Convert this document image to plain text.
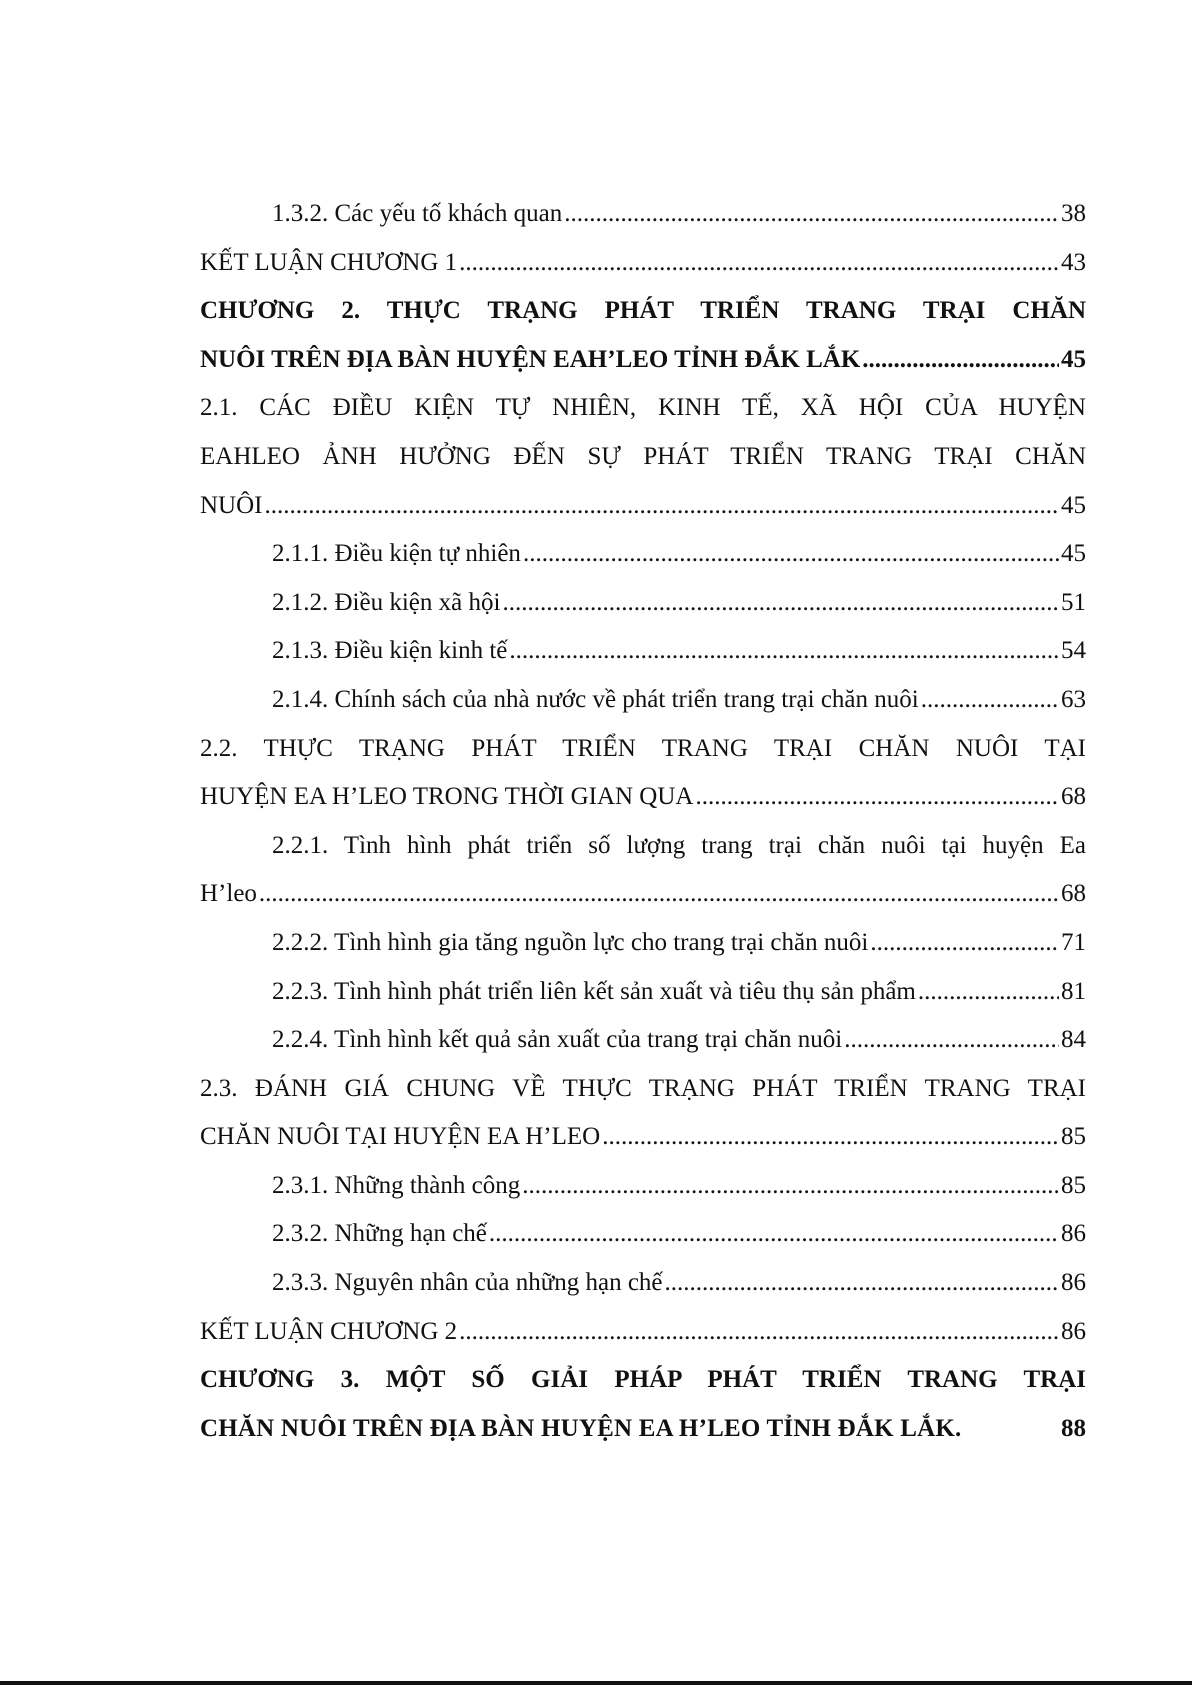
1.3.2. Các yếu tố khách quan .....	38
KẾT LUẬN CHƯƠNG 1 .....	43
CHƯƠNG 2. THỰC TRẠNG PHÁT TRIỂN TRANG TRẠI CHĂN
NUÔI TRÊN ĐỊA BÀN HUYỆN EAH’LEO TỈNH ĐẮK LẮK .....	45
2.1. CÁC ĐIỀU KIỆN TỰ NHIÊN, KINH TẾ, XÃ HỘI CỦA HUYỆN
EAHLEO ẢNH HƯỞNG ĐẾN SỰ PHÁT TRIỂN TRANG TRẠI CHĂN
NUÔI .....	45
2.1.1. Điều kiện tự nhiên .....	45
2.1.2. Điều kiện xã hội .....	51
2.1.3. Điều kiện kinh tế .....	54
2.1.4. Chính sách của nhà nước về phát triển trang trại chăn nuôi .....	63
2.2. THỰC TRẠNG PHÁT TRIỂN TRANG TRẠI CHĂN NUÔI TẠI
HUYỆN EA H’LEO TRONG THỜI GIAN QUA .....	68
2.2.1. Tình hình phát triển số lượng trang trại chăn nuôi tại huyện Ea
H’leo .....	68
2.2.2. Tình hình gia tăng nguồn lực cho trang trại chăn nuôi .....	71
2.2.3. Tình hình phát triển liên kết sản xuất và tiêu thụ sản phẩm .....	81
2.2.4. Tình hình kết quả sản xuất của trang trại chăn nuôi .....	84
2.3. ĐÁNH GIÁ CHUNG VỀ THỰC TRẠNG PHÁT TRIỂN TRANG TRẠI
CHĂN NUÔI TẠI HUYỆN EA H’LEO .....	85
2.3.1. Những thành công .....	85
2.3.2. Những hạn chế .....	86
2.3.3. Nguyên nhân của những hạn chế .....	86
KẾT LUẬN CHƯƠNG 2 .....	86
CHƯƠNG 3. MỘT SỐ GIẢI PHÁP PHÁT TRIỂN TRANG TRẠI
CHĂN NUÔI TRÊN ĐỊA BÀN HUYỆN EA H’LEO TỈNH ĐẮK LẮK.	88
